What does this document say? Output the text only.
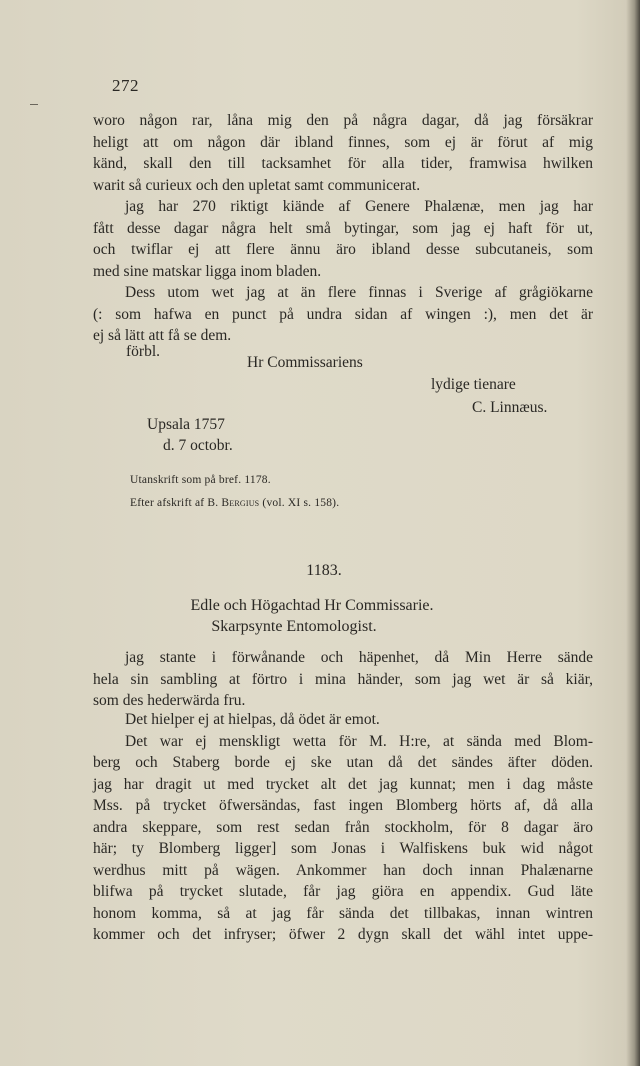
272
woro någon rar, låna mig den på några dagar, då jag försäkrar
heligt att om någon där ibland finnes, som ej är förut af mig
känd, skall den till tacksamhet för alla tider, framwisa hwilken
warit så curieux och den upletat samt communicerat.
jag har 270 riktigt kiände af Genere Phalænæ, men jag har
fått desse dagar några helt små bytingar, som jag ej haft för ut,
och twiflar ej att flere ännu äro ibland desse subcutaneis, som
med sine matskar ligga inom bladen.
Dess utom wet jag at än flere finnas i Sverige af grågiökarne
(: som hafwa en punct på undra sidan af wingen :), men det är
ej så lätt att få se dem.
förbl.
Hr Commissariens
lydige tienare
C. Linnæus.
Upsala 1757
d. 7 octobr.
Utanskrift som på bref. 1178.
Efter afskrift af B. Bergius (vol. XI s. 158).
1183.
Edle och Högachtad Hr Commissarie.
Skarpsynte Entomologist.
jag stante i förwånande och häpenhet, då Min Herre sände
hela sin sambling at förtro i mina händer, som jag wet är så kiär,
som des hederwärda fru.
Det hielper ej at hielpas, då ödet är emot.
Det war ej mensklig​t wetta för M. H:re, at sända med Blom-
berg och Staberg borde ej ske utan då det sändes äfter döden.
jag har dragit ut med trycket alt det jag kunnat; men i dag måste
Mss. på trycket öfwersändas, fast ingen Blomberg hörts af, då alla
andra skeppare, som rest sedan från stockholm, för 8 dagar äro
här; ty Blomberg ligger] som Jonas i Walfiskens buk wid något
werdhus mitt på wägen. Ankommer han doch innan Phalænarne
blifwa på trycket slutade, får jag giöra en appendix. Gud läte
honom komma, så at jag får sända det tillbakas, innan wintren
kommer och det infryser; öfwer 2 dygn skall det wähl intet uppe-
